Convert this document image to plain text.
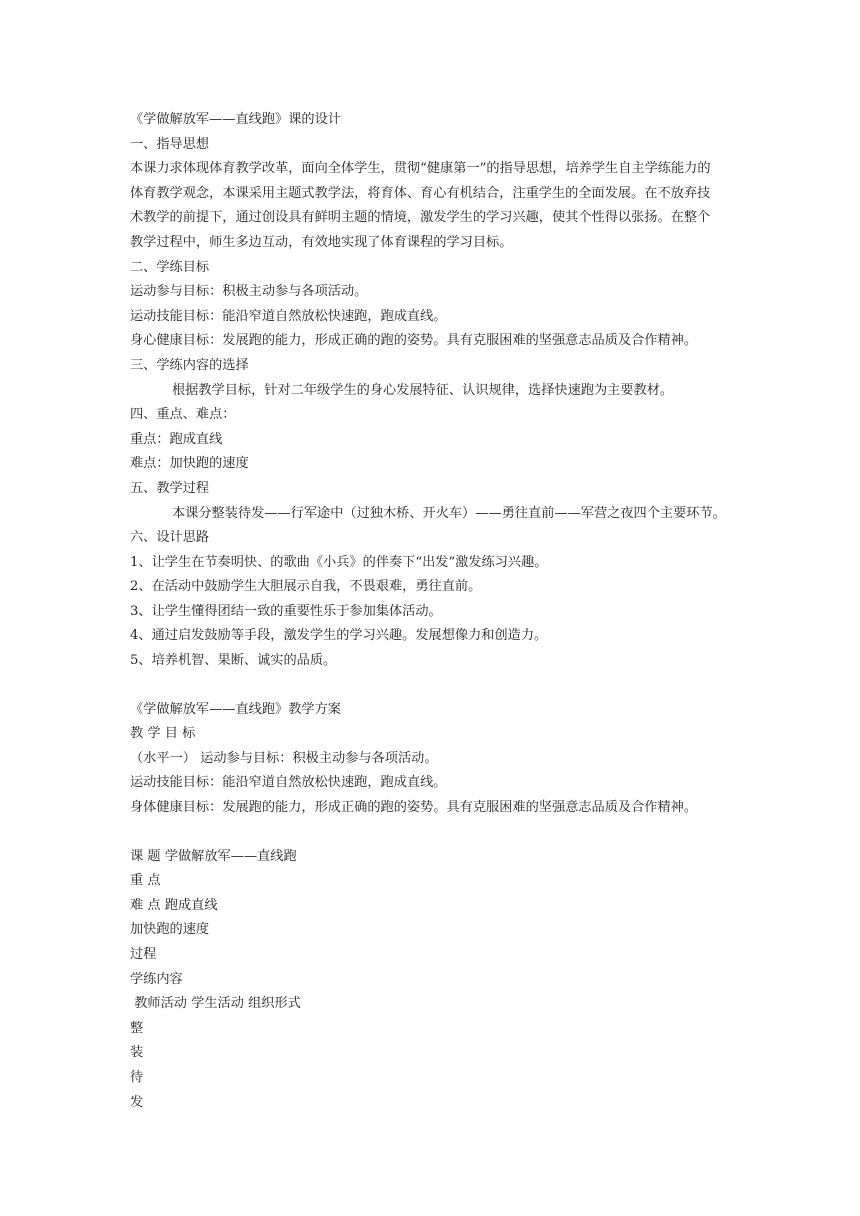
《学做解放军——直线跑》课的设计
一、指导思想
本课力求体现体育教学改革，面向全体学生，贯彻“健康第一”的指导思想，培养学生自主学练能力的
体育教学观念，本课采用主题式教学法，将育体、育心有机结合，注重学生的全面发展。在不放弃技
术教学的前提下，通过创设具有鲜明主题的情境，激发学生的学习兴趣，使其个性得以张扬。在整个
教学过程中，师生多边互动，有效地实现了体育课程的学习目标。
二、学练目标
运动参与目标：积极主动参与各项活动。
运动技能目标：能沿窄道自然放松快速跑，跑成直线。
身心健康目标：发展跑的能力，形成正确的跑的姿势。具有克服困难的坚强意志品质及合作精神。
三、学练内容的选择
根据教学目标，针对二年级学生的身心发展特征、认识规律，选择快速跑为主要教材。
四、重点、难点：
重点：跑成直线
难点：加快跑的速度
五、教学过程
本课分整装待发——行军途中（过独木桥、开火车）——勇往直前——军营之夜四个主要环节。
六、设计思路
1、让学生在节奏明快、的歌曲《小兵》的伴奏下“出发”激发练习兴趣。
2、在活动中鼓励学生大胆展示自我，不畏艰难，勇往直前。
3、让学生懂得团结一致的重要性乐于参加集体活动。
4、通过启发鼓励等手段，激发学生的学习兴趣。发展想像力和创造力。
5、培养机智、果断、诚实的品质。
《学做解放军——直线跑》教学方案
教 学 目 标
（水平一） 运动参与目标：积极主动参与各项活动。
运动技能目标：能沿窄道自然放松快速跑，跑成直线。
身体健康目标：发展跑的能力，形成正确的跑的姿势。具有克服困难的坚强意志品质及合作精神。
课 题 学做解放军——直线跑
重 点
难 点 跑成直线
加快跑的速度
过程
学练内容
教师活动 学生活动 组织形式
整
装
待
发
